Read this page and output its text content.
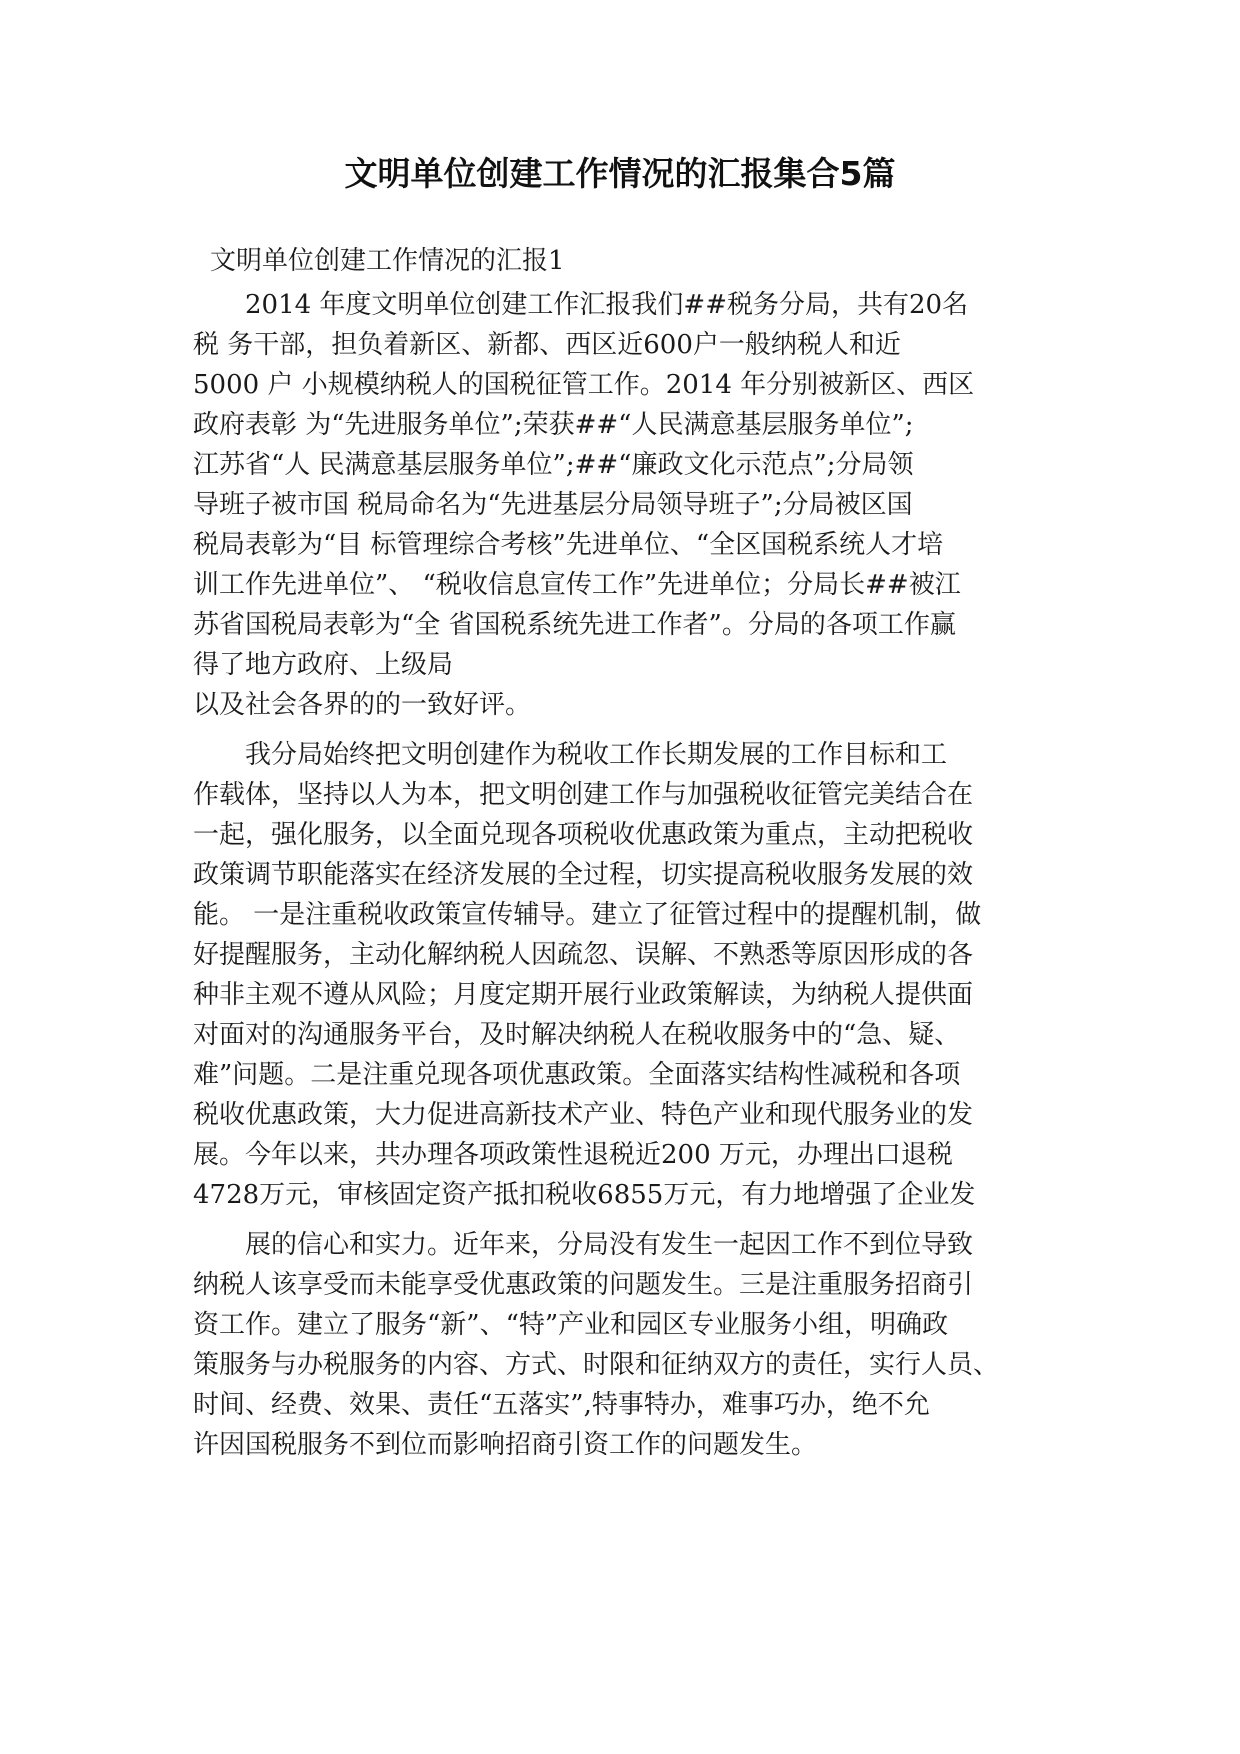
文明单位创建工作情况的汇报集合5篇

文明单位创建工作情况的汇报1

2014 年度文明单位创建工作汇报我们##税务分局，共有20名
税 务干部，担负着新区、新都、西区近600户一般纳税人和近
5000 户 小规模纳税人的国税征管工作。2014 年分别被新区、西区
政府表彰 为“先进服务单位”;荣获##“人民满意基层服务单位”;
江苏省“人 民满意基层服务单位”;##“廉政文化示范点”;分局领
导班子被市国 税局命名为“先进基层分局领导班子”;分局被区国
税局表彰为“目 标管理综合考核”先进单位、“全区国税系统人才培
训工作先进单位”、 “税收信息宣传工作”先进单位；分局长##被江
苏省国税局表彰为“全 省国税系统先进工作者”。分局的各项工作赢
得了地方政府、上级局
以及社会各界的的一致好评。
我分局始终把文明创建作为税收工作长期发展的工作目标和工
作载体，坚持以人为本，把文明创建工作与加强税收征管完美结合在
一起，强化服务，以全面兑现各项税收优惠政策为重点，主动把税收
政策调节职能落实在经济发展的全过程，切实提高税收服务发展的效
能。 一是注重税收政策宣传辅导。建立了征管过程中的提醒机制，做
好提醒服务，主动化解纳税人因疏忽、误解、不熟悉等原因形成的各
种非主观不遵从风险；月度定期开展行业政策解读，为纳税人提供面
对面对的沟通服务平台，及时解决纳税人在税收服务中的“急、疑、
难”问题。二是注重兑现各项优惠政策。全面落实结构性减税和各项
税收优惠政策，大力促进高新技术产业、特色产业和现代服务业的发
展。今年以来，共办理各项政策性退税近200 万元，办理出口退税
4728万元，审核固定资产抵扣税收6855万元，有力地增强了企业发
展的信心和实力。近年来，分局没有发生一起因工作不到位导致
纳税人该享受而未能享受优惠政策的问题发生。三是注重服务招商引
资工作。建立了服务“新”、“特”产业和园区专业服务小组，明确政
策服务与办税服务的内容、方式、时限和征纳双方的责任，实行人员、
时间、经费、效果、责任“五落实”,特事特办，难事巧办，绝不允
许因国税服务不到位而影响招商引资工作的问题发生。
